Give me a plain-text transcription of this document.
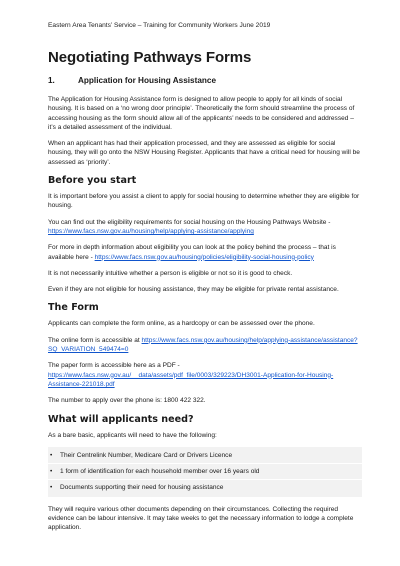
Eastern Area Tenants’ Service – Training for Community Workers June 2019
Negotiating Pathways Forms
1.	Application for Housing Assistance

The Application for Housing Assistance form is designed to allow people to apply for all kinds of social housing. It is based on a ‘no wrong door principle’. Theoretically the form should streamline the process of accessing housing as the form should allow all of the applicants’ needs to be considered and addressed – it’s a detailed assessment of the individual.

When an applicant has had their application processed, and they are assessed as eligible for social housing, they will go onto the NSW Housing Register. Applicants that have a critical need for housing will be assessed as ‘priority’.

Before you start

It is important before you assist a client to apply for social housing to determine whether they are eligible for housing.

You can find out the eligibility requirements for social housing on the Housing Pathways Website - https://www.facs.nsw.gov.au/housing/help/applying-assistance/applying

For more in depth information about eligibility you can look at the policy behind the process – that is available here - https://www.facs.nsw.gov.au/housing/policies/eligibility-social-housing-policy

It is not necessarily intuitive whether a person is eligible or not so it is good to check.

Even if they are not eligible for housing assistance, they may be eligible for private rental assistance.

The Form

Applicants can complete the form online, as a hardcopy or can be assessed over the phone.

The online form is accessible at https://www.facs.nsw.gov.au/housing/help/applying-assistance/assistance?SQ_VARIATION_549474=0

The paper form is accessible here as a PDF - https://www.facs.nsw.gov.au/__data/assets/pdf_file/0003/329223/DH3001-Application-for-Housing-Assistance-221018.pdf

The number to apply over the phone is: 1800 422 322.

What will applicants need?

As a bare basic, applicants will need to have the following:

• Their Centrelink Number, Medicare Card or Drivers Licence
• 1 form of identification for each household member over 16 years old
• Documents supporting their need for housing assistance

They will require various other documents depending on their circumstances. Collecting the required evidence can be labour intensive. It may take weeks to get the necessary information to lodge a complete application.
